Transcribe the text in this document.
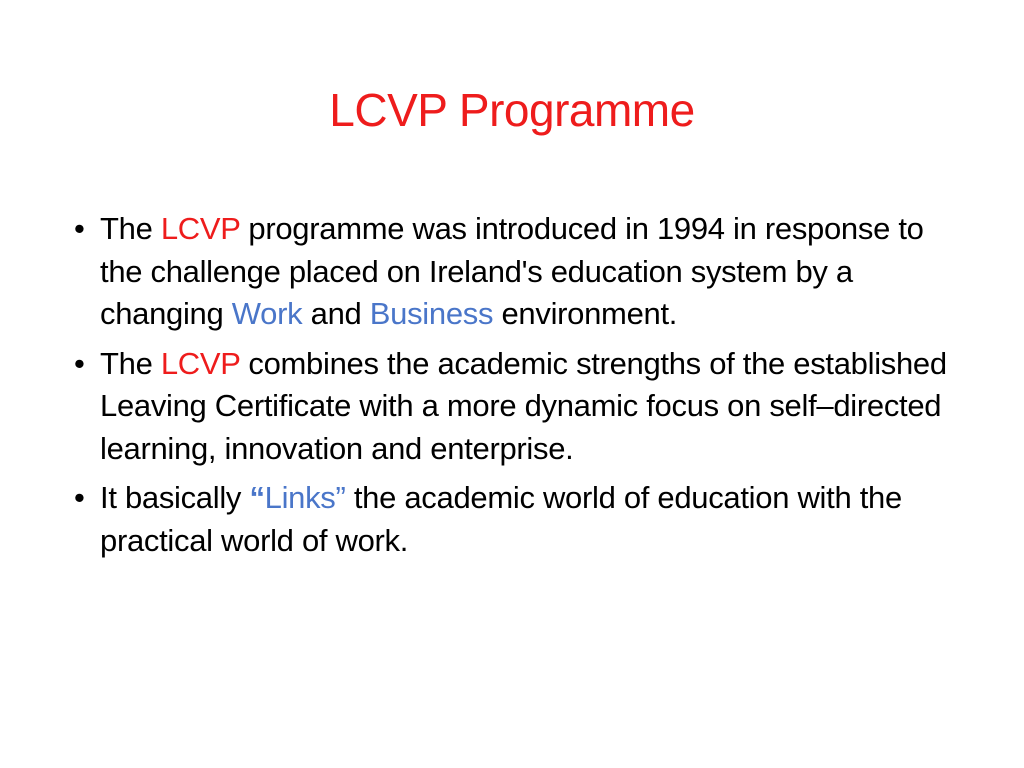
LCVP Programme
• The LCVP programme was introduced in 1994 in response to the challenge placed on Ireland's education system by a changing Work and Business environment.
• The LCVP combines the academic strengths of the established Leaving Certificate with a more dynamic focus on self–directed learning, innovation and enterprise.
• It basically “Links” the academic world of education with the practical world of work.
